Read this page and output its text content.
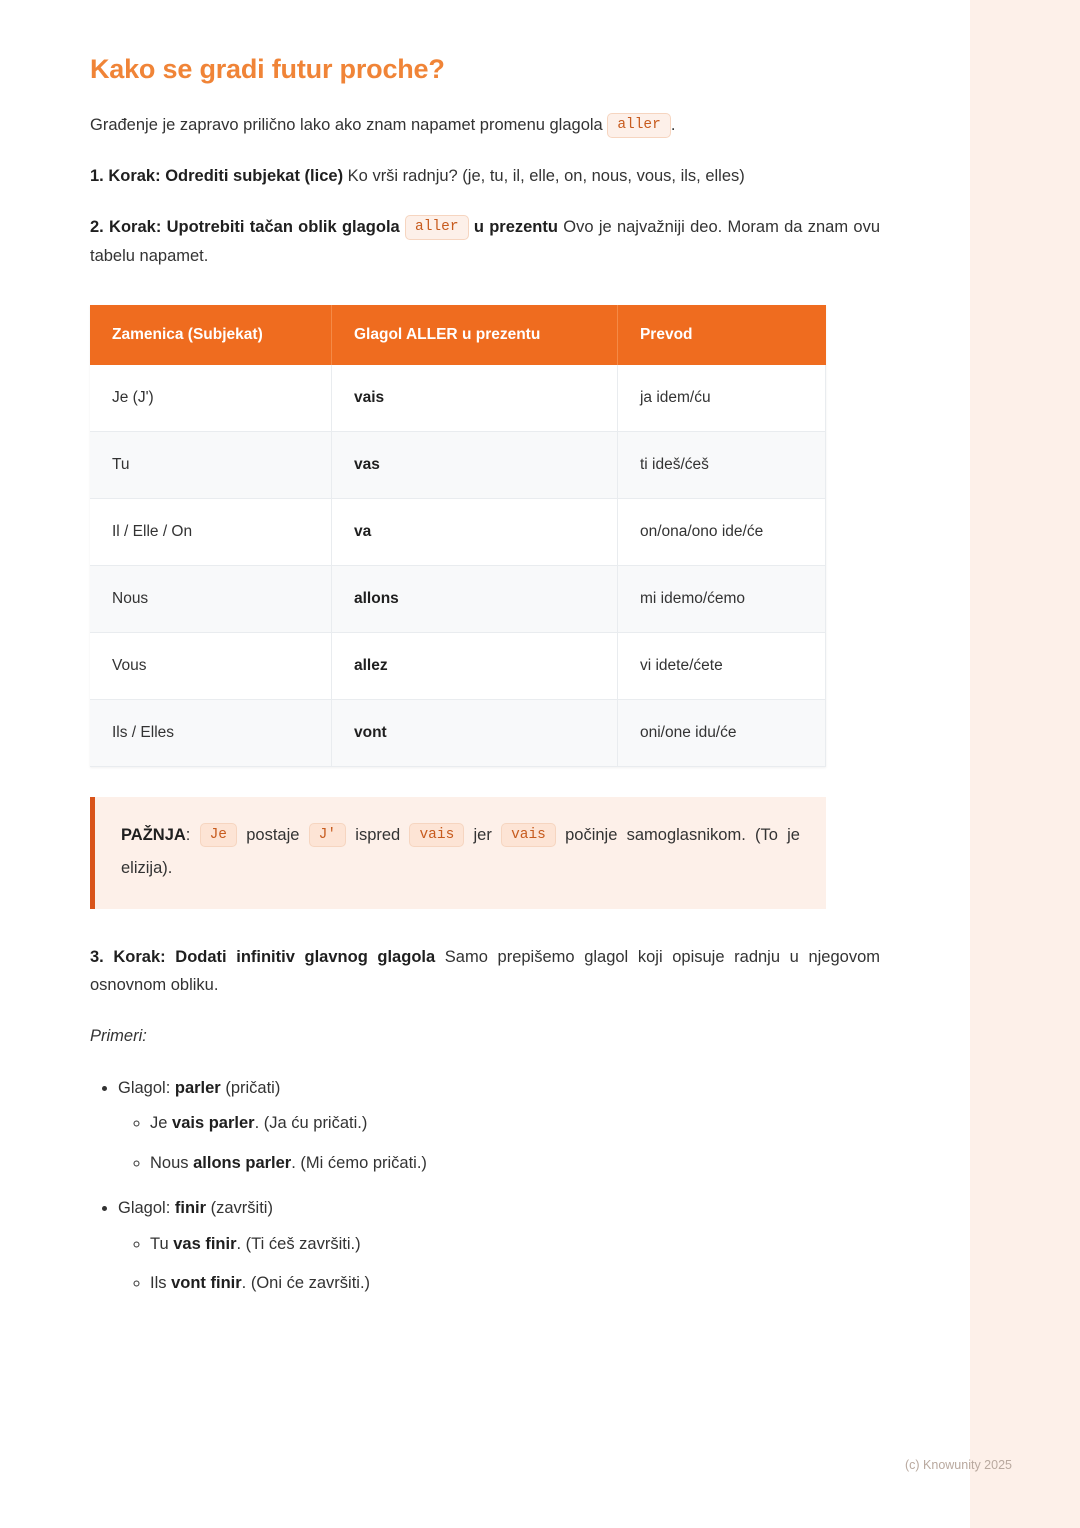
Kako se gradi futur proche?

Građenje je zapravo prilično lako ako znam napamet promenu glagola aller .

1. Korak: Odrediti subjekat (lice) Ko vrši radnju? (je, tu, il, elle, on, nous, vous, ils, elles)

2. Korak: Upotrebiti tačan oblik glagola aller u prezentu Ovo je najvažniji deo. Moram da znam ovu tabelu napamet.

Zamenica (Subjekat)	Glagol ALLER u prezentu	Prevod
Je (J')	vais	ja idem/ću
Tu	vas	ti ideš/ćeš
Il / Elle / On	va	on/ona/ono ide/će
Nous	allons	mi idemo/ćemo
Vous	allez	vi idete/ćete
Ils / Elles	vont	oni/one idu/će
PAŽNJA: Je postaje J' ispred vais jer vais počinje samoglasnikom. (To je elizija).

3. Korak: Dodati infinitiv glavnog glagola Samo prepišemo glagol koji opisuje radnju u njegovom osnovnom obliku.

Primeri:

• Glagol: parler (pričati)
◦ Je vais parler. (Ja ću pričati.)
◦ Nous allons parler. (Mi ćemo pričati.)
• Glagol: finir (završiti)
◦ Tu vas finir. (Ti ćeš završiti.)
◦ Ils vont finir. (Oni će završiti.)
(c) Knowunity 2025
